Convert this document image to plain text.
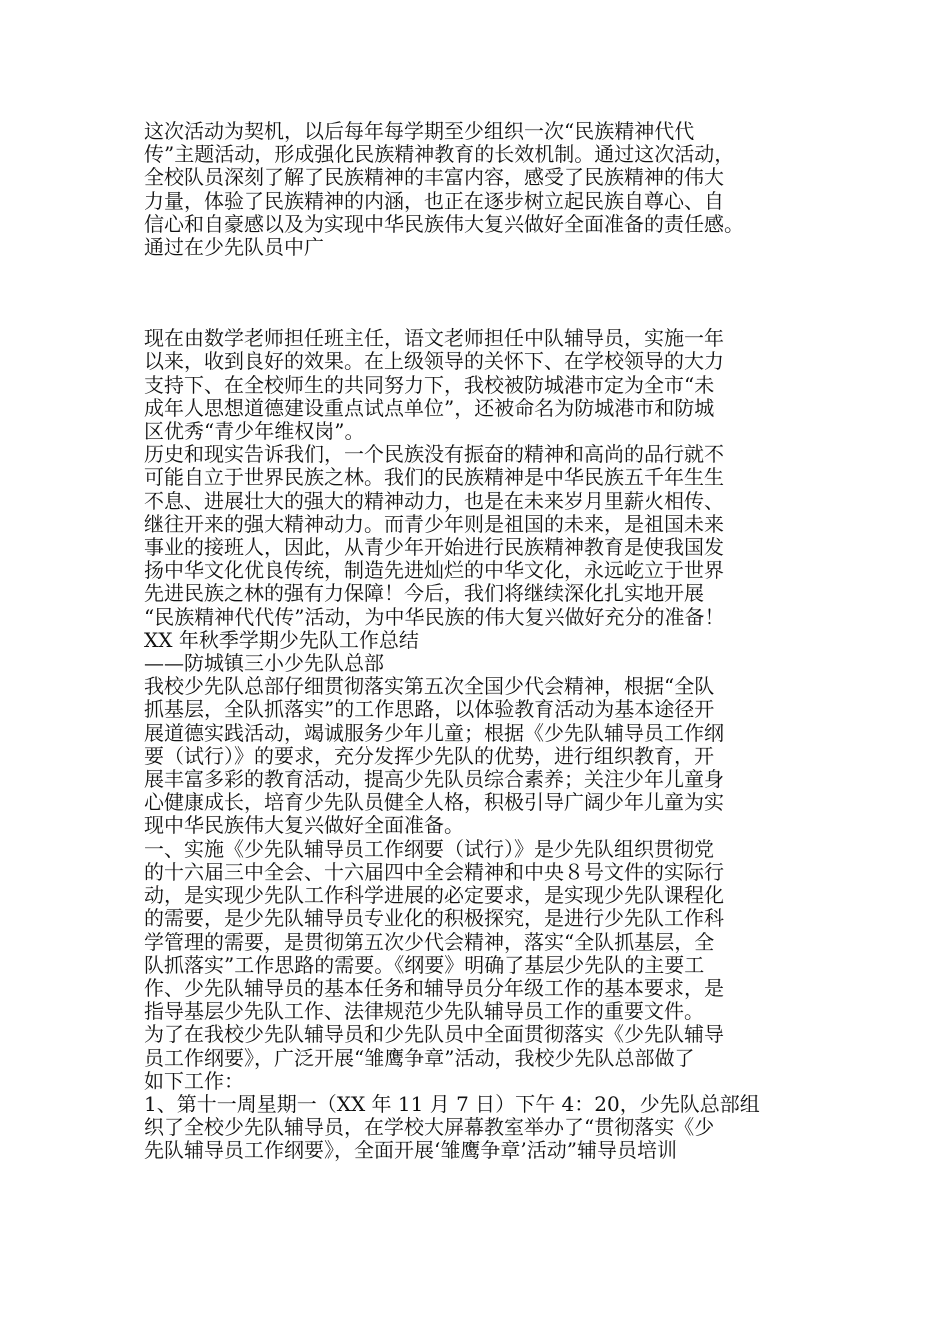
这次活动为契机，以后每年每学期至少组织一次“民族精神代代
传”主题活动，形成强化民族精神教育的长效机制。通过这次活动，
全校队员深刻了解了民族精神的丰富内容，感受了民族精神的伟大
力量，体验了民族精神的内涵，也正在逐步树立起民族自尊心、自
信心和自豪感以及为实现中华民族伟大复兴做好全面准备的责任感。
通过在少先队员中广
现在由数学老师担任班主任，语文老师担任中队辅导员，实施一年
以来，收到良好的效果。在上级领导的关怀下、在学校领导的大力
支持下、在全校师生的共同努力下，我校被防城港市定为全市“未
成年人思想道德建设重点试点单位”，还被命名为防城港市和防城
区优秀“青少年维权岗”。
历史和现实告诉我们，一个民族没有振奋的精神和高尚的品行就不
可能自立于世界民族之林。我们的民族精神是中华民族五千年生生
不息、进展壮大的强大的精神动力，也是在未来岁月里薪火相传、
继往开来的强大精神动力。而青少年则是祖国的未来，是祖国未来
事业的接班人，因此，从青少年开始进行民族精神教育是使我国发
扬中华文化优良传统，制造先进灿烂的中华文化，永远屹立于世界
先进民族之林的强有力保障！今后，我们将继续深化扎实地开展
“民族精神代代传”活动，为中华民族的伟大复兴做好充分的准备！
XX 年秋季学期少先队工作总结
——防城镇三小少先队总部
我校少先队总部仔细贯彻落实第五次全国少代会精神，根据“全队
抓基层，全队抓落实”的工作思路，以体验教育活动为基本途径开
展道德实践活动，竭诚服务少年儿童；根据《少先队辅导员工作纲
要（试行）》的要求，充分发挥少先队的优势，进行组织教育，开
展丰富多彩的教育活动，提高少先队员综合素养；关注少年儿童身
心健康成长，培育少先队员健全人格，积极引导广阔少年儿童为实
现中华民族伟大复兴做好全面准备。
一、实施《少先队辅导员工作纲要（试行）》是少先队组织贯彻党
的十六届三中全会、十六届四中全会精神和中央８号文件的实际行
动，是实现少先队工作科学进展的必定要求，是实现少先队课程化
的需要，是少先队辅导员专业化的积极探究，是进行少先队工作科
学管理的需要，是贯彻第五次少代会精神，落实“全队抓基层，全
队抓落实”工作思路的需要。《纲要》明确了基层少先队的主要工
作、少先队辅导员的基本任务和辅导员分年级工作的基本要求，是
指导基层少先队工作、法律规范少先队辅导员工作的重要文件。
为了在我校少先队辅导员和少先队员中全面贯彻落实《少先队辅导
员工作纲要》，广泛开展“雏鹰争章”活动，我校少先队总部做了
如下工作：
1、第十一周星期一（XX 年 11 月 7 日）下午 4：20，少先队总部组
织了全校少先队辅导员，在学校大屏幕教室举办了“贯彻落实《少
先队辅导员工作纲要》，全面开展‘雏鹰争章’活动”辅导员培训
